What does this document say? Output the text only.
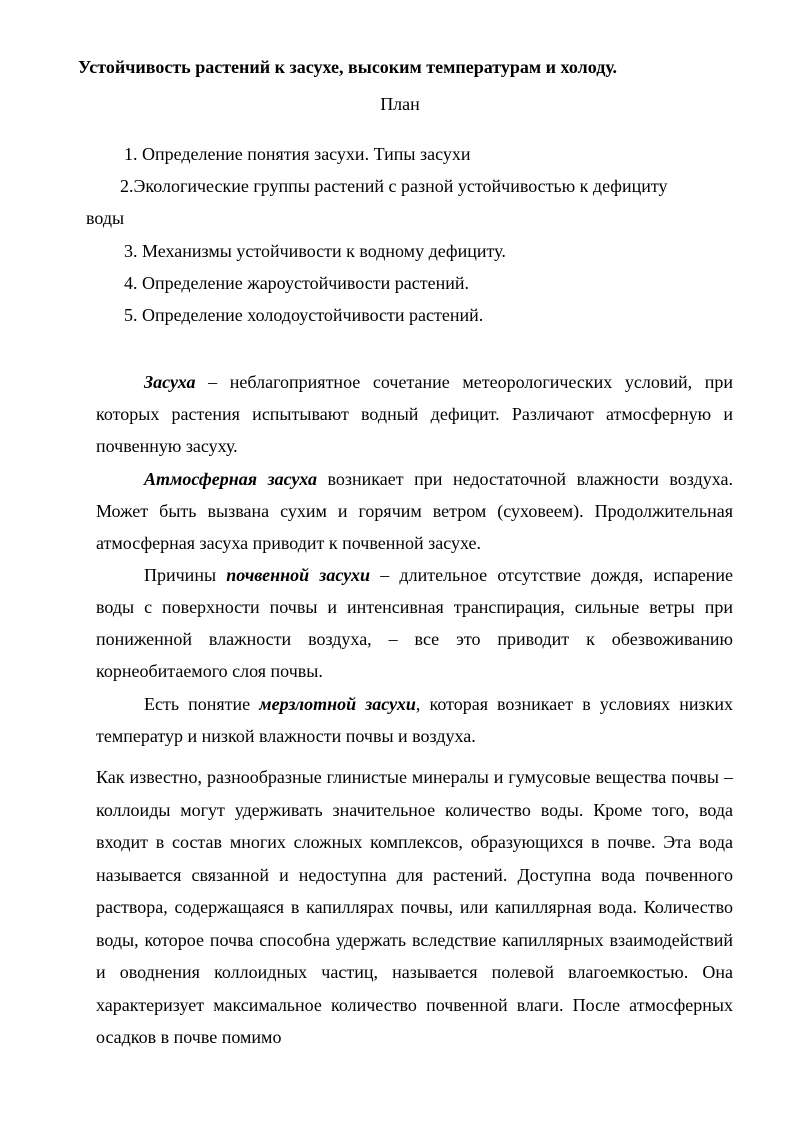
Устойчивость растений к засухе, высоким температурам и холоду.
План
1. Определение понятия засухи. Типы засухи
2.Экологические группы растений с разной устойчивостью к дефициту
воды
3. Механизмы устойчивости к водному дефициту.
4. Определение жароустойчивости растений.
5. Определение холодоустойчивости растений.

Засуха – неблагоприятное сочетание метеорологических условий, при которых растения испытывают водный дефицит. Различают атмосферную и почвенную засуху.

Атмосферная засуха возникает при недостаточной влажности воздуха. Может быть вызвана сухим и горячим ветром (суховеем). Продолжительная атмосферная засуха приводит к почвенной засухе.

Причины почвенной засухи – длительное отсутствие дождя, испарение воды с поверхности почвы и интенсивная транспирация, сильные ветры при пониженной влажности воздуха, – все это приводит к обезвоживанию корнеобитаемого слоя почвы.

Есть понятие мерзлотной засухи, которая возникает в условиях низких температур и низкой влажности почвы и воздуха.

Как известно, разнообразные глинистые минералы и гумусовые вещества почвы – коллоиды могут удерживать значительное количество воды. Кроме того, вода входит в состав многих сложных комплексов, образующихся в почве. Эта вода называется связанной и недоступна для растений. Доступна вода почвенного раствора, содержащаяся в капиллярах почвы, или капиллярная вода. Количество воды, которое почва способна удержать вследствие капиллярных взаимодействий и оводнения коллоидных частиц, называется полевой влагоемкостью. Она характеризует максимальное количество почвенной влаги. После атмосферных осадков в почве помимо
